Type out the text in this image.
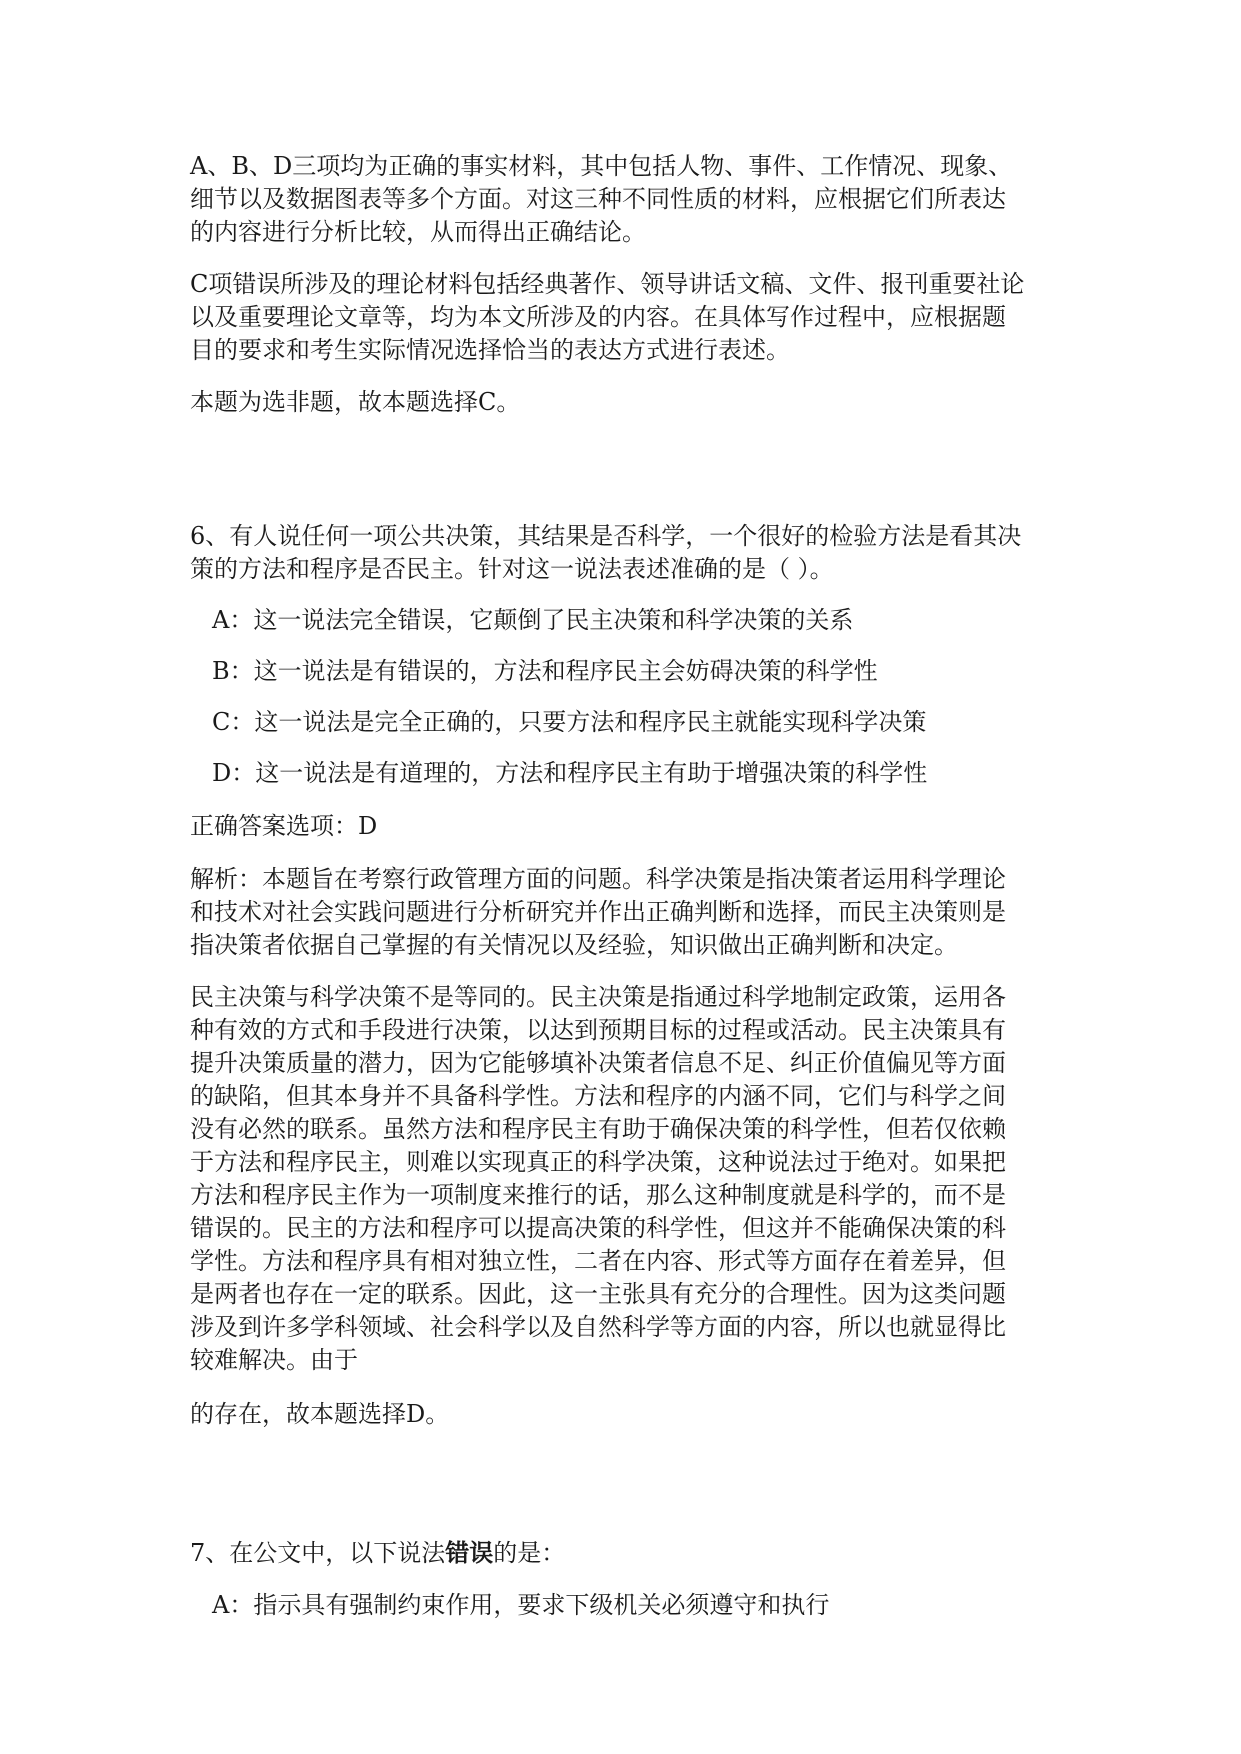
A、B、D三项均为正确的事实材料，其中包括人物、事件、工作情况、现象、
细节以及数据图表等多个方面。对这三种不同性质的材料，应根据它们所表达
的内容进行分析比较，从而得出正确结论。

C项错误所涉及的理论材料包括经典著作、领导讲话文稿、文件、报刊重要社论
以及重要理论文章等，均为本文所涉及的内容。在具体写作过程中，应根据题
目的要求和考生实际情况选择恰当的表达方式进行表述。

本题为选非题，故本题选择C。

6、有人说任何一项公共决策，其结果是否科学，一个很好的检验方法是看其决
策的方法和程序是否民主。针对这一说法表述准确的是（ ）。

A：这一说法完全错误，它颠倒了民主决策和科学决策的关系

B：这一说法是有错误的，方法和程序民主会妨碍决策的科学性

C：这一说法是完全正确的，只要方法和程序民主就能实现科学决策

D：这一说法是有道理的，方法和程序民主有助于增强决策的科学性

正确答案选项：D

解析：本题旨在考察行政管理方面的问题。科学决策是指决策者运用科学理论
和技术对社会实践问题进行分析研究并作出正确判断和选择，而民主决策则是
指决策者依据自己掌握的有关情况以及经验，知识做出正确判断和决定。

民主决策与科学决策不是等同的。民主决策是指通过科学地制定政策，运用各
种有效的方式和手段进行决策，以达到预期目标的过程或活动。民主决策具有
提升决策质量的潜力，因为它能够填补决策者信息不足、纠正价值偏见等方面
的缺陷，但其本身并不具备科学性。方法和程序的内涵不同，它们与科学之间
没有必然的联系。虽然方法和程序民主有助于确保决策的科学性，但若仅依赖
于方法和程序民主，则难以实现真正的科学决策，这种说法过于绝对。如果把
方法和程序民主作为一项制度来推行的话，那么这种制度就是科学的，而不是
错误的。民主的方法和程序可以提高决策的科学性，但这并不能确保决策的科
学性。方法和程序具有相对独立性，二者在内容、形式等方面存在着差异，但
是两者也存在一定的联系。因此，这一主张具有充分的合理性。因为这类问题
涉及到许多学科领域、社会科学以及自然科学等方面的内容，所以也就显得比
较难解决。由于

的存在，故本题选择D。

7、在公文中，以下说法错误的是：

A：指示具有强制约束作用，要求下级机关必须遵守和执行
